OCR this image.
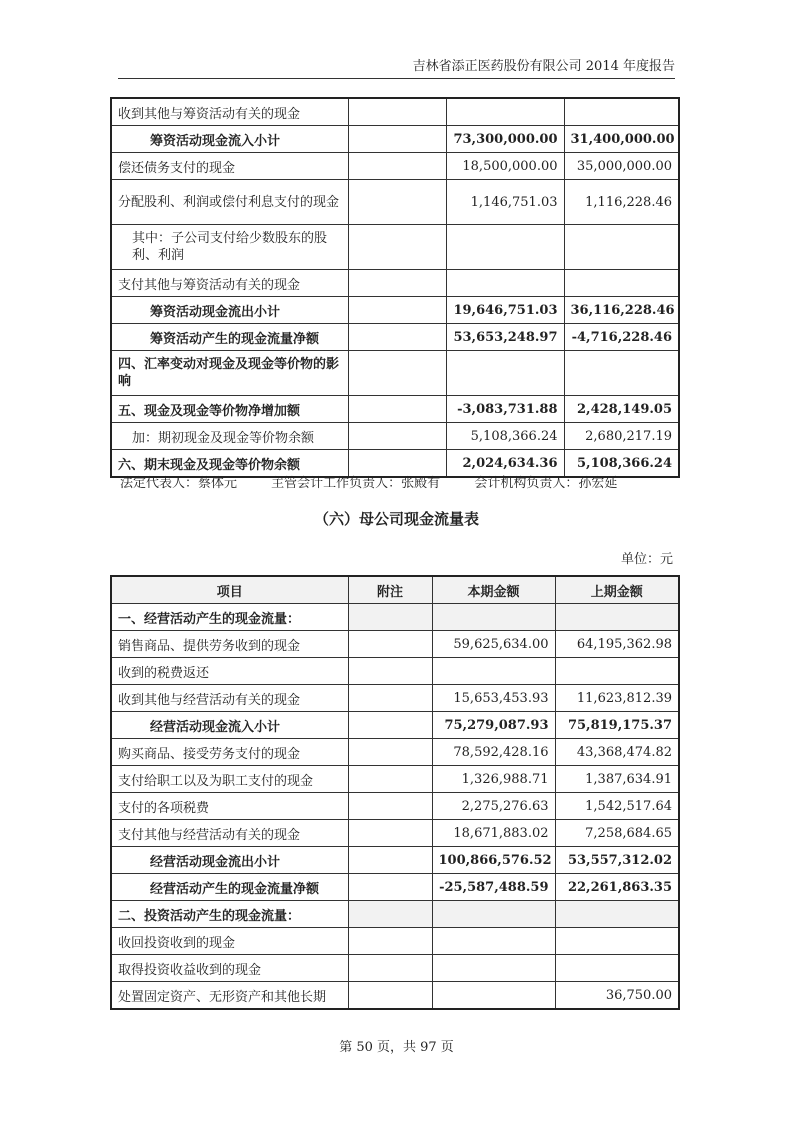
吉林省添正医药股份有限公司 2014 年度报告
收到其他与筹资活动有关的现金			
筹资活动现金流入小计		73,300,000.00	31,400,000.00
偿还债务支付的现金		18,500,000.00	35,000,000.00
分配股利、利润或偿付利息支付的现金		1,146,751.03	1,116,228.46
其中：子公司支付给少数股东的股利、利润			
支付其他与筹资活动有关的现金			
筹资活动现金流出小计		19,646,751.03	36,116,228.46
筹资活动产生的现金流量净额		53,653,248.97	-4,716,228.46
四、汇率变动对现金及现金等价物的影响			
五、现金及现金等价物净增加额		-3,083,731.88	2,428,149.05
加：期初现金及现金等价物余额		5,108,366.24	2,680,217.19
六、期末现金及现金等价物余额		2,024,634.36	5,108,366.24
法定代表人：蔡体元	主管会计工作负责人：张殿有	会计机构负责人：孙宏延
（六）母公司现金流量表
单位：元
项目	附注	本期金额	上期金额
一、经营活动产生的现金流量：			
销售商品、提供劳务收到的现金		59,625,634.00	64,195,362.98
收到的税费返还			
收到其他与经营活动有关的现金		15,653,453.93	11,623,812.39
经营活动现金流入小计		75,279,087.93	75,819,175.37
购买商品、接受劳务支付的现金		78,592,428.16	43,368,474.82
支付给职工以及为职工支付的现金		1,326,988.71	1,387,634.91
支付的各项税费		2,275,276.63	1,542,517.64
支付其他与经营活动有关的现金		18,671,883.02	7,258,684.65
经营活动现金流出小计		100,866,576.52	53,557,312.02
经营活动产生的现金流量净额		-25,587,488.59	22,261,863.35
二、投资活动产生的现金流量：			
收回投资收到的现金			
取得投资收益收到的现金			
处置固定资产、无形资产和其他长期			36,750.00
第 50 页，共 97 页
